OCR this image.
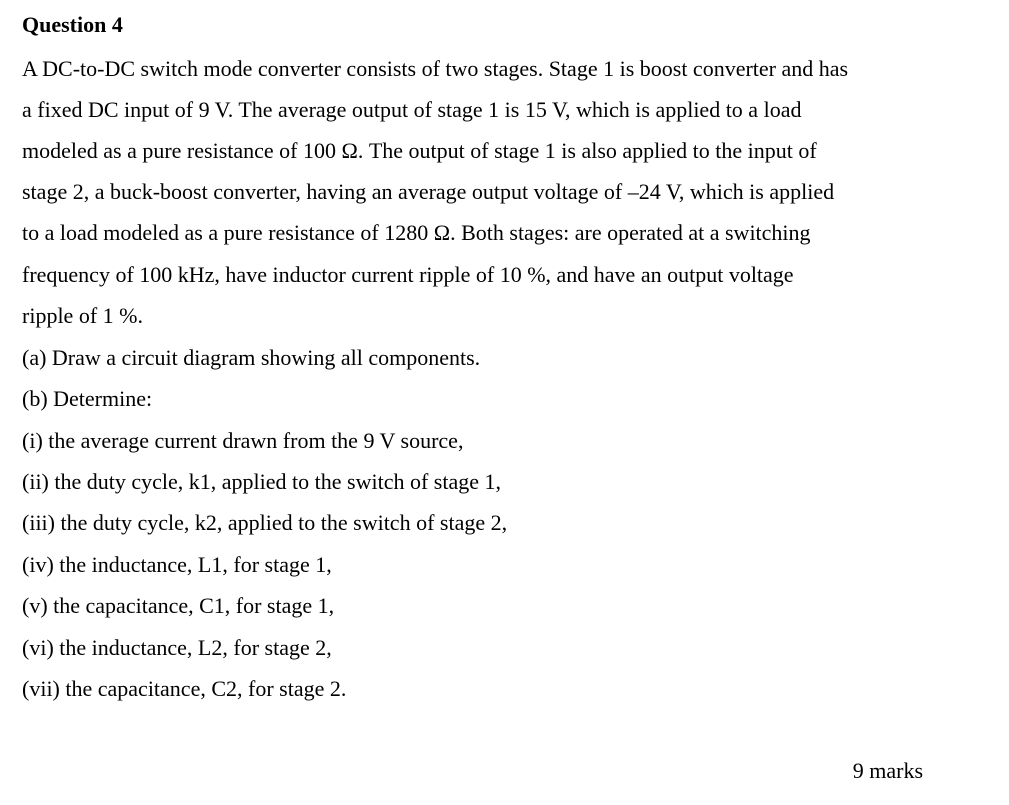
Question 4
A DC-to-DC switch mode converter consists of two stages. Stage 1 is boost converter and has
a fixed DC input of 9 V. The average output of stage 1 is 15 V, which is applied to a load
modeled as a pure resistance of 100 Ω. The output of stage 1 is also applied to the input of
stage 2, a buck-boost converter, having an average output voltage of –24 V, which is applied
to a load modeled as a pure resistance of 1280 Ω. Both stages: are operated at a switching
frequency of 100 kHz, have inductor current ripple of 10 %, and have an output voltage
ripple of 1 %.
(a) Draw a circuit diagram showing all components.
(b) Determine:
(i) the average current drawn from the 9 V source,
(ii) the duty cycle, k1, applied to the switch of stage 1,
(iii) the duty cycle, k2, applied to the switch of stage 2,
(iv) the inductance, L1, for stage 1,
(v) the capacitance, C1, for stage 1,
(vi) the inductance, L2, for stage 2,
(vii) the capacitance, C2, for stage 2.
9 marks
